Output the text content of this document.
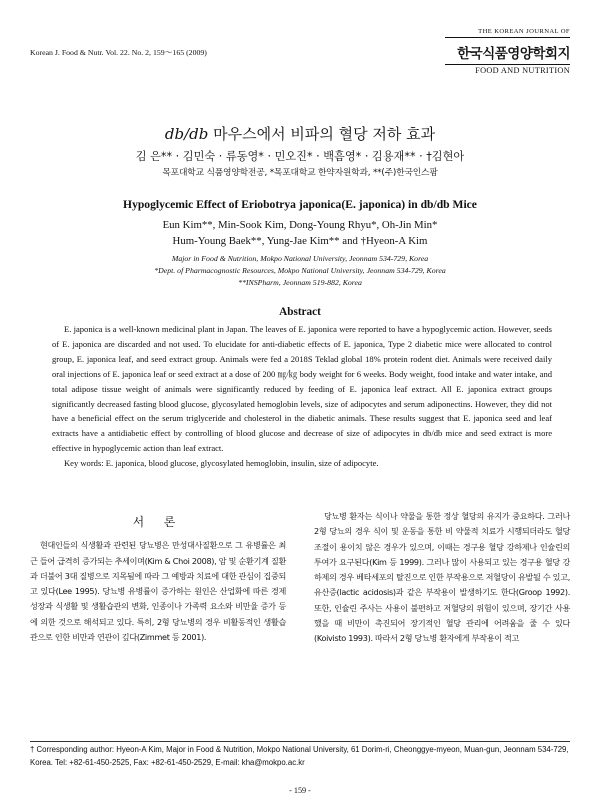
Korean J. Food & Nutr. Vol. 22. No. 2, 159～165 (2009)
THE KOREAN JOURNAL OF
한국식품영양학회지
FOOD AND NUTRITION
db/db 마우스에서 비파의 혈당 저하 효과
김 은** · 김민숙 · 류동영* · 민오진* · 백흠영* · 김용재** · †김현아
목포대학교 식품영양학전공, *목포대학교 한약자원학과, **(주)한국인스팜
Hypoglycemic Effect of Eriobotrya japonica(E. japonica) in db/db Mice
Eun Kim**, Min-Sook Kim, Dong-Young Rhyu*, Oh-Jin Min*
Hum-Young Baek**, Yung-Jae Kim** and †Hyeon-A Kim
Major in Food & Nutrition, Mokpo National University, Jeonnam 534-729, Korea
*Dept. of Pharmacognostic Resources, Mokpo National University, Jeonnam 534-729, Korea
**INSPharm, Jeonnam 519-882, Korea
Abstract

E. japonica is a well-known medicinal plant in Japan. The leaves of E. japonica were reported to have a hypoglycemic action. However, seeds of E. japonica are discarded and not used. To elucidate for anti-diabetic effects of E. japonica, Type 2 diabetic mice were allocated to control group, E. japonica leaf, and seed extract group. Animals were fed a 2018S Teklad global 18% protein rodent diet. Animals were received daily oral injections of E. japonica leaf or seed extract at a dose of 200 ㎎/㎏ body weight for 6 weeks. Body weight, food intake and water intake, and total adipose tissue weight of animals were significantly reduced by feeding of E. japonica leaf extract. All E. japonica extract groups significantly decreased fasting blood glucose, glycosylated hemoglobin levels, size of adipocytes and serum adiponectins. However, they did not have a beneficial effect on the serum triglyceride and cholesterol in the diabetic animals. These results suggest that E. japonica seed and leaf extracts have a antidiabetic effect by controlling of blood glucose and decrease of size of adipocytes in db/db mice and seed extract is more effective in hypoglycemic action than leaf extract.

Key words: E. japonica, blood glucose, glycosylated hemoglobin, insulin, size of adipocyte.

서 론

현대인들의 식생활과 관련된 당뇨병은 만성대사질환으로 그 유병률은 최근 들어 급격히 증가되는 추세이며(Kim & Choi 2008), 암 및 순환기계 질환과 더불어 3대 질병으로 지목됨에 따라 그 예방과 치료에 대한 관심이 집중되고 있다(Lee 1995). 당뇨병 유병률이 증가하는 원인은 산업화에 따른 경제 성장과 식생활 및 생활습관의 변화, 인종이나 가족력 요소와 비만율 증가 등에 의한 것으로 해석되고 있다. 특히, 2형 당뇨병의 경우 비활동적인 생활습관으로 인한 비만과 연관이 깊다(Zimmet 등 2001).

당뇨병 환자는 식이나 약물을 통한 정상 혈당의 유지가 중요하다. 그러나 2형 당뇨의 경우 식이 및 운동을 통한 비 약물적 치료가 시행되더라도 혈당 조절이 용이치 않은 경우가 있으며, 이때는 경구용 혈당 강하제나 인슐린의 투여가 요구된다(Kim 등 1999). 그러나 많이 사용되고 있는 경구용 혈당 강하제의 경우 베타세포의 탈진으로 인한 부작용으로 저혈당이 유발될 수 있고, 유산증(lactic acidosis)과 같은 부작용이 발생하기도 한다(Groop 1992). 또한, 인슐린 주사는 사용이 불편하고 저혈당의 위험이 있으며, 장기간 사용했을 때 비만이 촉진되어 장기적인 혈당 관리에 어려움을 줄 수 있다(Koivisto 1993). 따라서 2형 당뇨병 환자에게 부작용이 적고

† Corresponding author: Hyeon-A Kim, Major in Food & Nutrition, Mokpo National University, 61 Dorim-ri, Cheonggye-myeon, Muan-gun, Jeonnam 534-729, Korea. Tel: +82-61-450-2525, Fax: +82-61-450-2529, E-mail: kha@mokpo.ac.kr
- 159 -
